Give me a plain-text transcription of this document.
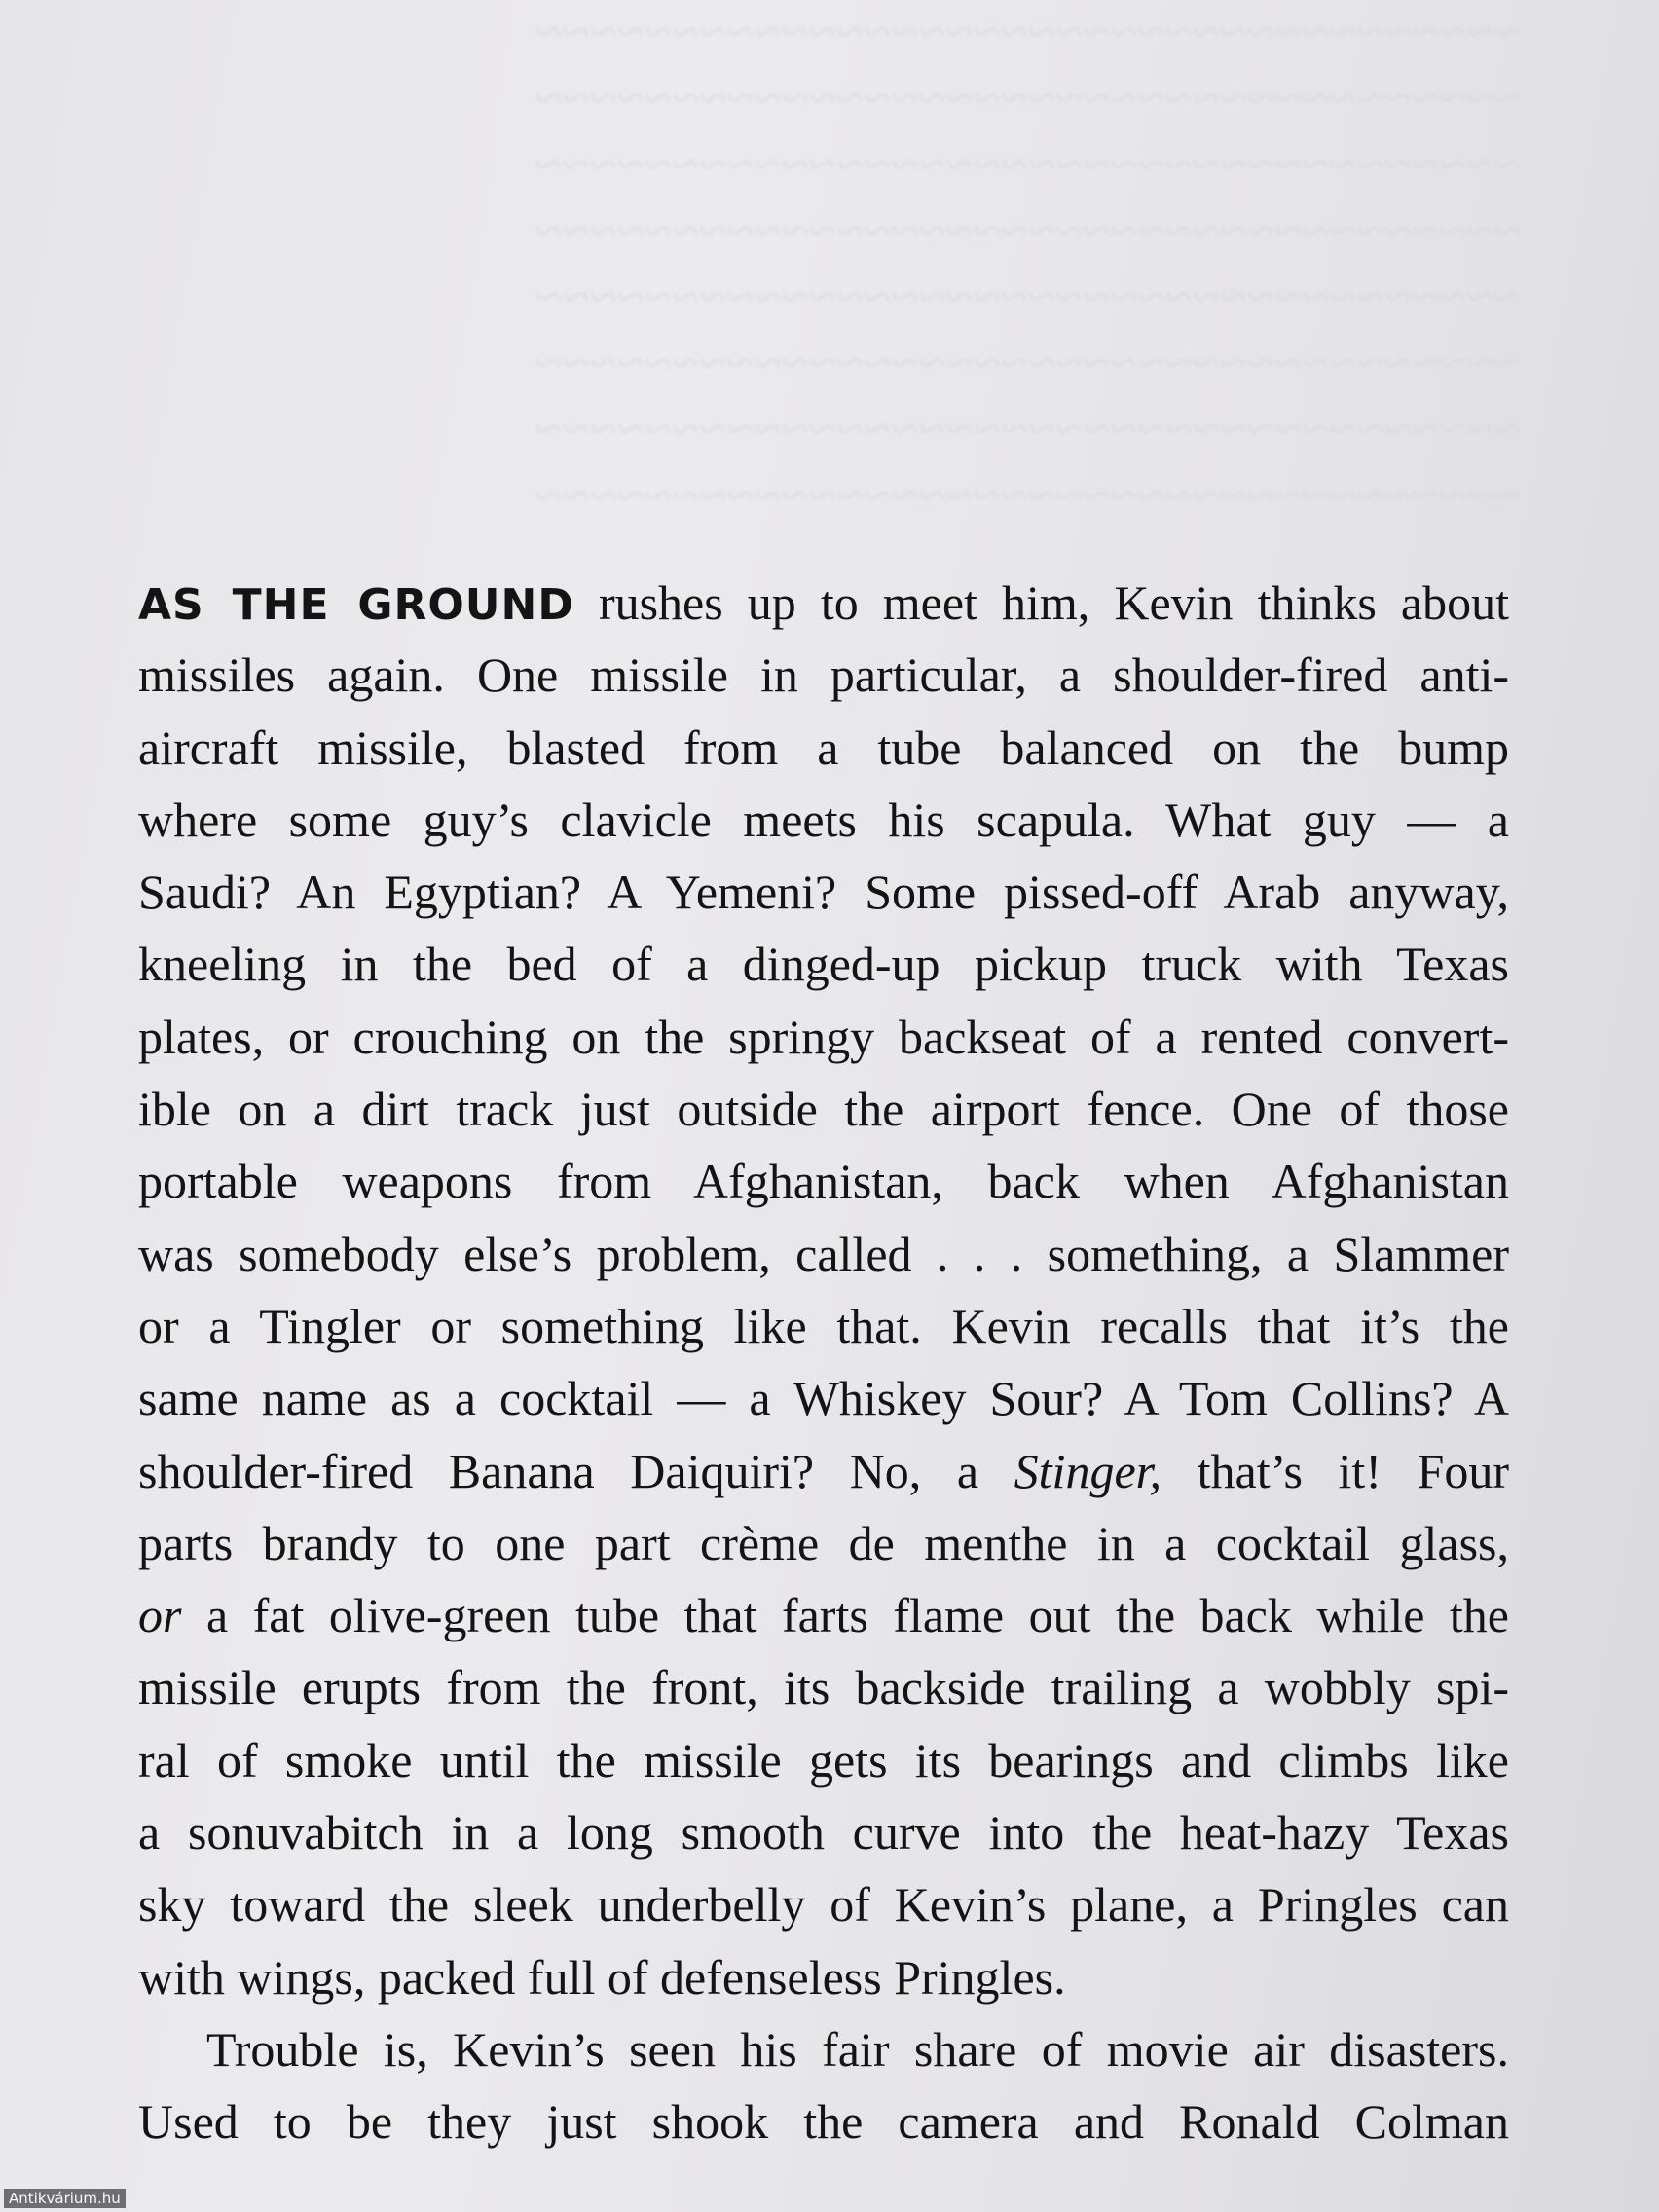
~~~~~~~~~~~~~~~~~~~~~~~~~~~~~~~~~~~~
~~~~~~~~~~~~~~~~~~~~~~~~~~~~~~~~~~~~
~~~~~~~~~~~~~~~~~~~~~~~~~~~~~~~~~~~~
~~~~~~~~~~~~~~~~~~~~~~~~~~~~~~~~~~~~
~~~~~~~~~~~~~~~~~~~~~~~~~~~~~~~~~~~~
~~~~~~~~~~~~~~~~~~~~~~~~~~~~~~~~~~~~
~~~~~~~~~~~~~~~~~~~~~~~~~~~~~~~~~~~~
~~~~~~~~~~~~~~~~~~~~~~~~~~~~~~~~~~~~
AS THE GROUND rushes up to meet him, Kevin thinks about
missiles again. One missile in particular, a shoulder-fired anti-
aircraft missile, blasted from a tube balanced on the bump
where some guy’s clavicle meets his scapula. What guy — a
Saudi? An Egyptian? A Yemeni? Some pissed-off Arab anyway,
kneeling in the bed of a dinged-up pickup truck with Texas
plates, or crouching on the springy backseat of a rented convert-
ible on a dirt track just outside the airport fence. One of those
portable weapons from Afghanistan, back when Afghanistan
was somebody else’s problem, called . . . something, a Slammer
or a Tingler or something like that. Kevin recalls that it’s the
same name as a cocktail — a Whiskey Sour? A Tom Collins? A
shoulder-fired Banana Daiquiri? No, a Stinger, that’s it! Four
parts brandy to one part crème de menthe in a cocktail glass,
or a fat olive-green tube that farts flame out the back while the
missile erupts from the front, its backside trailing a wobbly spi-
ral of smoke until the missile gets its bearings and climbs like
a sonuvabitch in a long smooth curve into the heat-hazy Texas
sky toward the sleek underbelly of Kevin’s plane, a Pringles can
with wings, packed full of defenseless Pringles.
Trouble is, Kevin’s seen his fair share of movie air disasters.
Used to be they just shook the camera and Ronald Colman
Antikvárium.hu
